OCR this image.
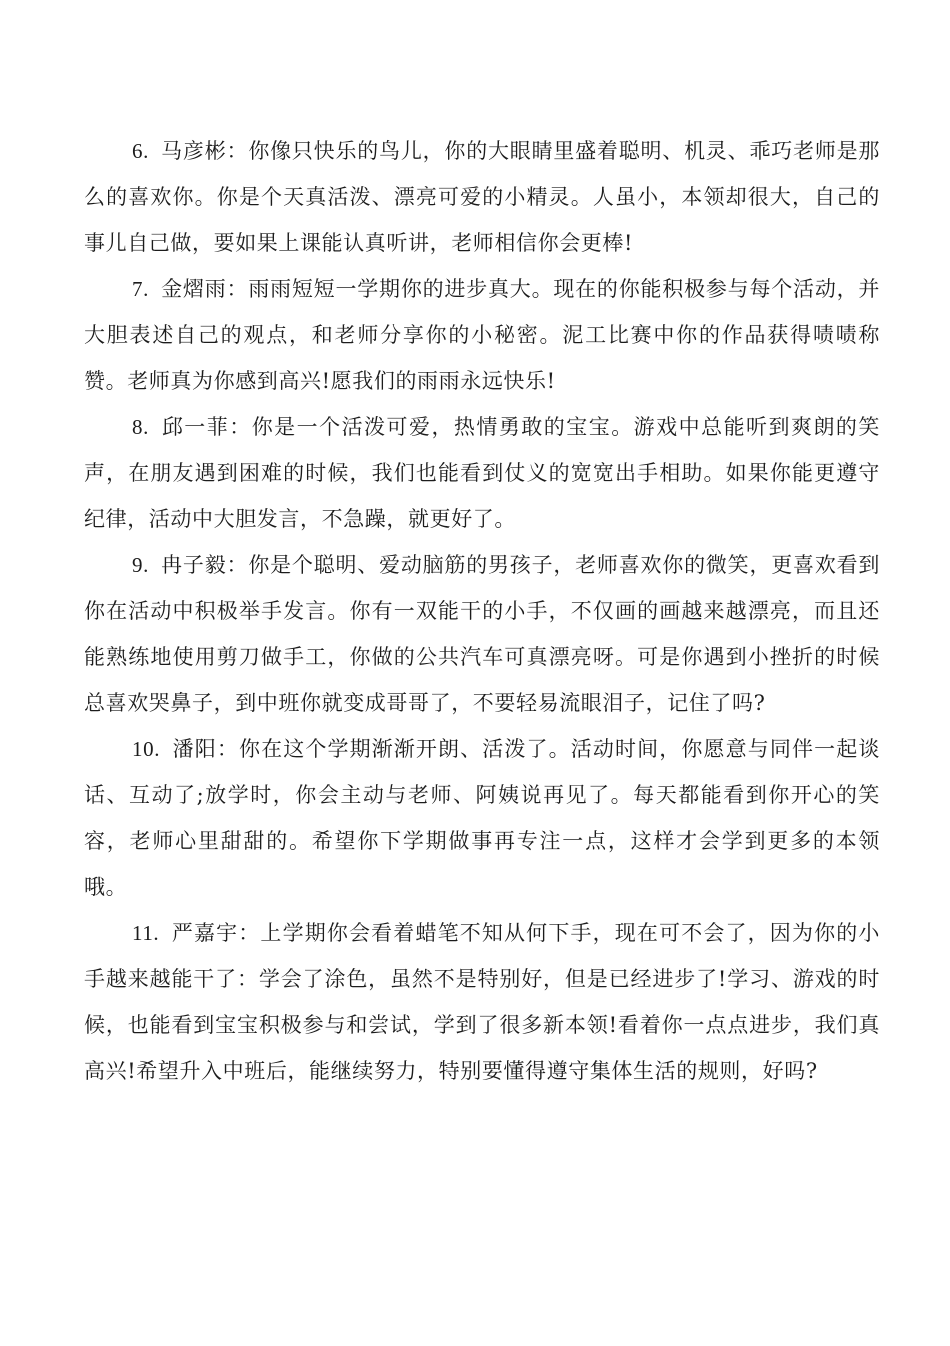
6. 马彦彬：你像只快乐的鸟儿，你的大眼睛里盛着聪明、机灵、乖巧老师是那么的喜欢你。你是个天真活泼、漂亮可爱的小精灵。人虽小，本领却很大，自己的事儿自己做，要如果上课能认真听讲，老师相信你会更棒!

7. 金熠雨：雨雨短短一学期你的进步真大。现在的你能积极参与每个活动，并大胆表述自己的观点，和老师分享你的小秘密。泥工比赛中你的作品获得啧啧称赞。老师真为你感到高兴!愿我们的雨雨永远快乐!

8. 邱一菲：你是一个活泼可爱，热情勇敢的宝宝。游戏中总能听到爽朗的笑声，在朋友遇到困难的时候，我们也能看到仗义的宽宽出手相助。如果你能更遵守纪律，活动中大胆发言，不急躁，就更好了。

9. 冉子毅：你是个聪明、爱动脑筋的男孩子，老师喜欢你的微笑，更喜欢看到你在活动中积极举手发言。你有一双能干的小手，不仅画的画越来越漂亮，而且还能熟练地使用剪刀做手工，你做的公共汽车可真漂亮呀。可是你遇到小挫折的时候总喜欢哭鼻子，到中班你就变成哥哥了，不要轻易流眼泪子，记住了吗?

10. 潘阳：你在这个学期渐渐开朗、活泼了。活动时间，你愿意与同伴一起谈话、互动了;放学时，你会主动与老师、阿姨说再见了。每天都能看到你开心的笑容，老师心里甜甜的。希望你下学期做事再专注一点，这样才会学到更多的本领哦。

11. 严嘉宇：上学期你会看着蜡笔不知从何下手，现在可不会了，因为你的小手越来越能干了：学会了涂色，虽然不是特别好，但是已经进步了!学习、游戏的时候，也能看到宝宝积极参与和尝试，学到了很多新本领!看着你一点点进步，我们真高兴!希望升入中班后，能继续努力，特别要懂得遵守集体生活的规则，好吗?
